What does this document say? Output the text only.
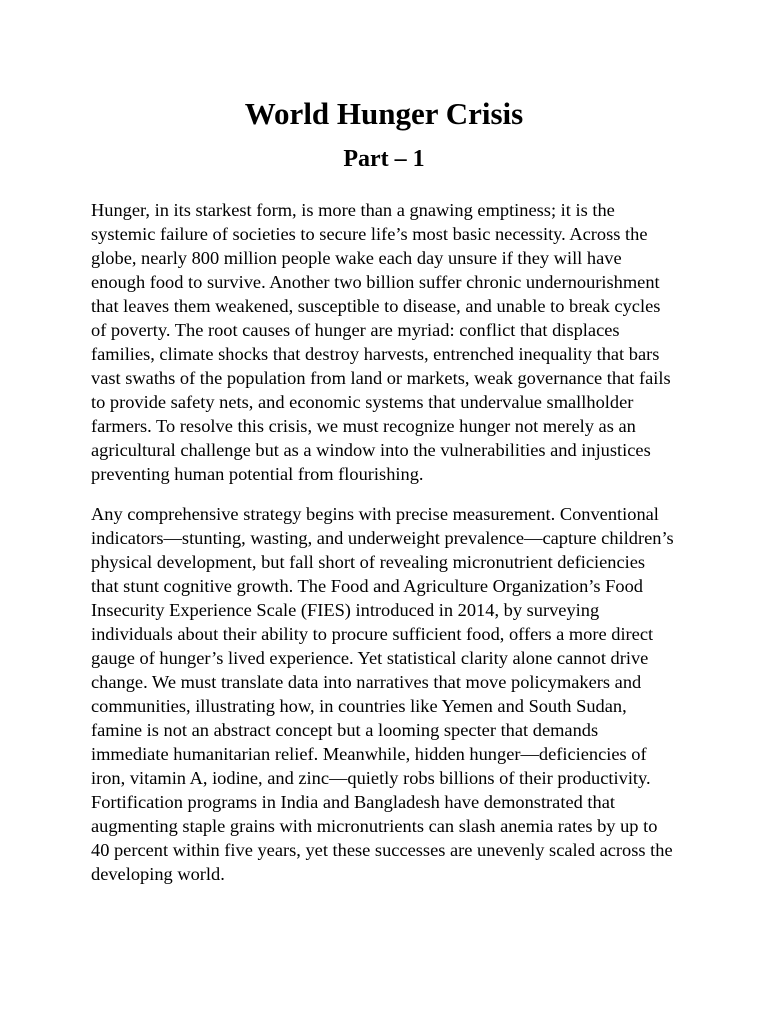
World Hunger Crisis
Part – 1

Hunger, in its starkest form, is more than a gnawing emptiness; it is the systemic failure of societies to secure life’s most basic necessity. Across the globe, nearly 800 million people wake each day unsure if they will have enough food to survive. Another two billion suffer chronic undernourishment that leaves them weakened, susceptible to disease, and unable to break cycles of poverty. The root causes of hunger are myriad: conflict that displaces families, climate shocks that destroy harvests, entrenched inequality that bars vast swaths of the population from land or markets, weak governance that fails to provide safety nets, and economic systems that undervalue smallholder farmers. To resolve this crisis, we must recognize hunger not merely as an agricultural challenge but as a window into the vulnerabilities and injustices preventing human potential from flourishing.

Any comprehensive strategy begins with precise measurement. Conventional indicators—stunting, wasting, and underweight prevalence—capture children’s physical development, but fall short of revealing micronutrient deficiencies that stunt cognitive growth. The Food and Agriculture Organization’s Food Insecurity Experience Scale (FIES) introduced in 2014, by surveying individuals about their ability to procure sufficient food, offers a more direct gauge of hunger’s lived experience. Yet statistical clarity alone cannot drive change. We must translate data into narratives that move policymakers and communities, illustrating how, in countries like Yemen and South Sudan, famine is not an abstract concept but a looming specter that demands immediate humanitarian relief. Meanwhile, hidden hunger—deficiencies of iron, vitamin A, iodine, and zinc—quietly robs billions of their productivity. Fortification programs in India and Bangladesh have demonstrated that augmenting staple grains with micronutrients can slash anemia rates by up to 40 percent within five years, yet these successes are unevenly scaled across the developing world.
